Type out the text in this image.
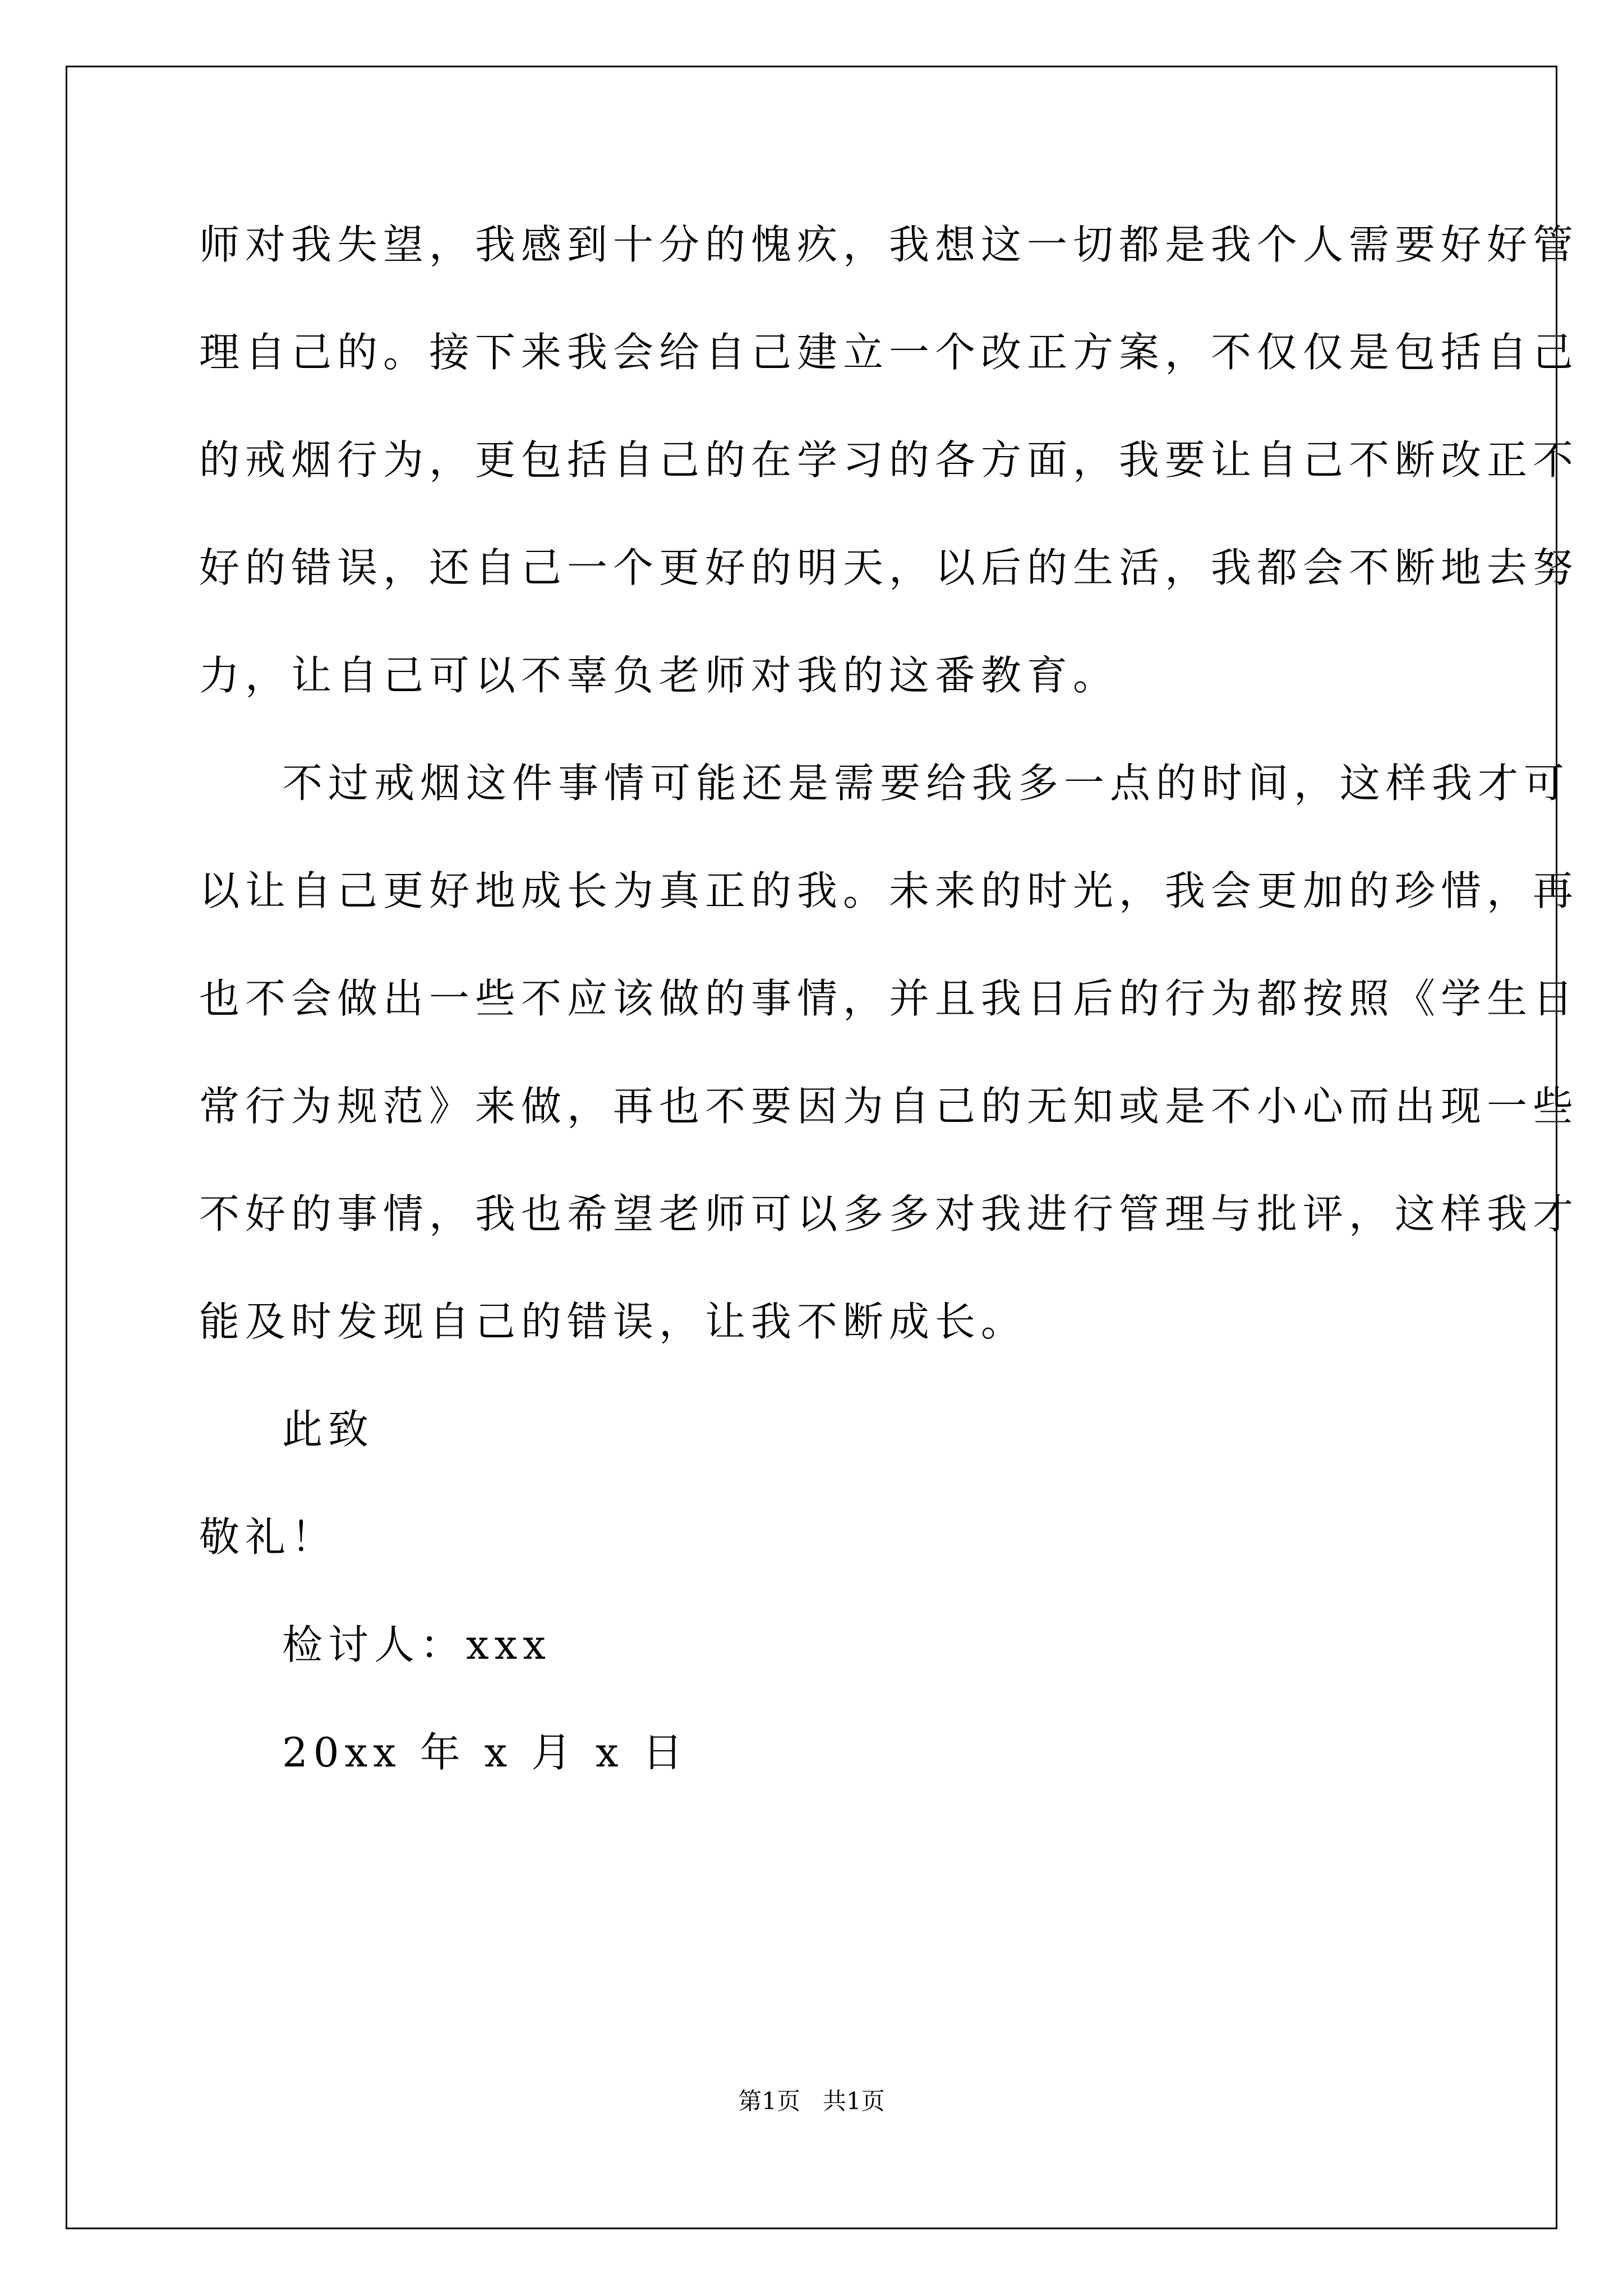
师对我失望，我感到十分的愧疚，我想这一切都是我个人需要好好管
理自己的。接下来我会给自己建立一个改正方案，不仅仅是包括自己
的戒烟行为，更包括自己的在学习的各方面，我要让自己不断改正不
好的错误，还自己一个更好的明天，以后的生活，我都会不断地去努
力，让自己可以不辜负老师对我的这番教育。
不过戒烟这件事情可能还是需要给我多一点的时间，这样我才可
以让自己更好地成长为真正的我。未来的时光，我会更加的珍惜，再
也不会做出一些不应该做的事情，并且我日后的行为都按照《学生日
常行为规范》来做，再也不要因为自己的无知或是不小心而出现一些
不好的事情，我也希望老师可以多多对我进行管理与批评，这样我才
能及时发现自己的错误，让我不断成长。
此致
敬礼！
检讨人：xxx
20xx 年 x 月 x 日
第1页   共1页
